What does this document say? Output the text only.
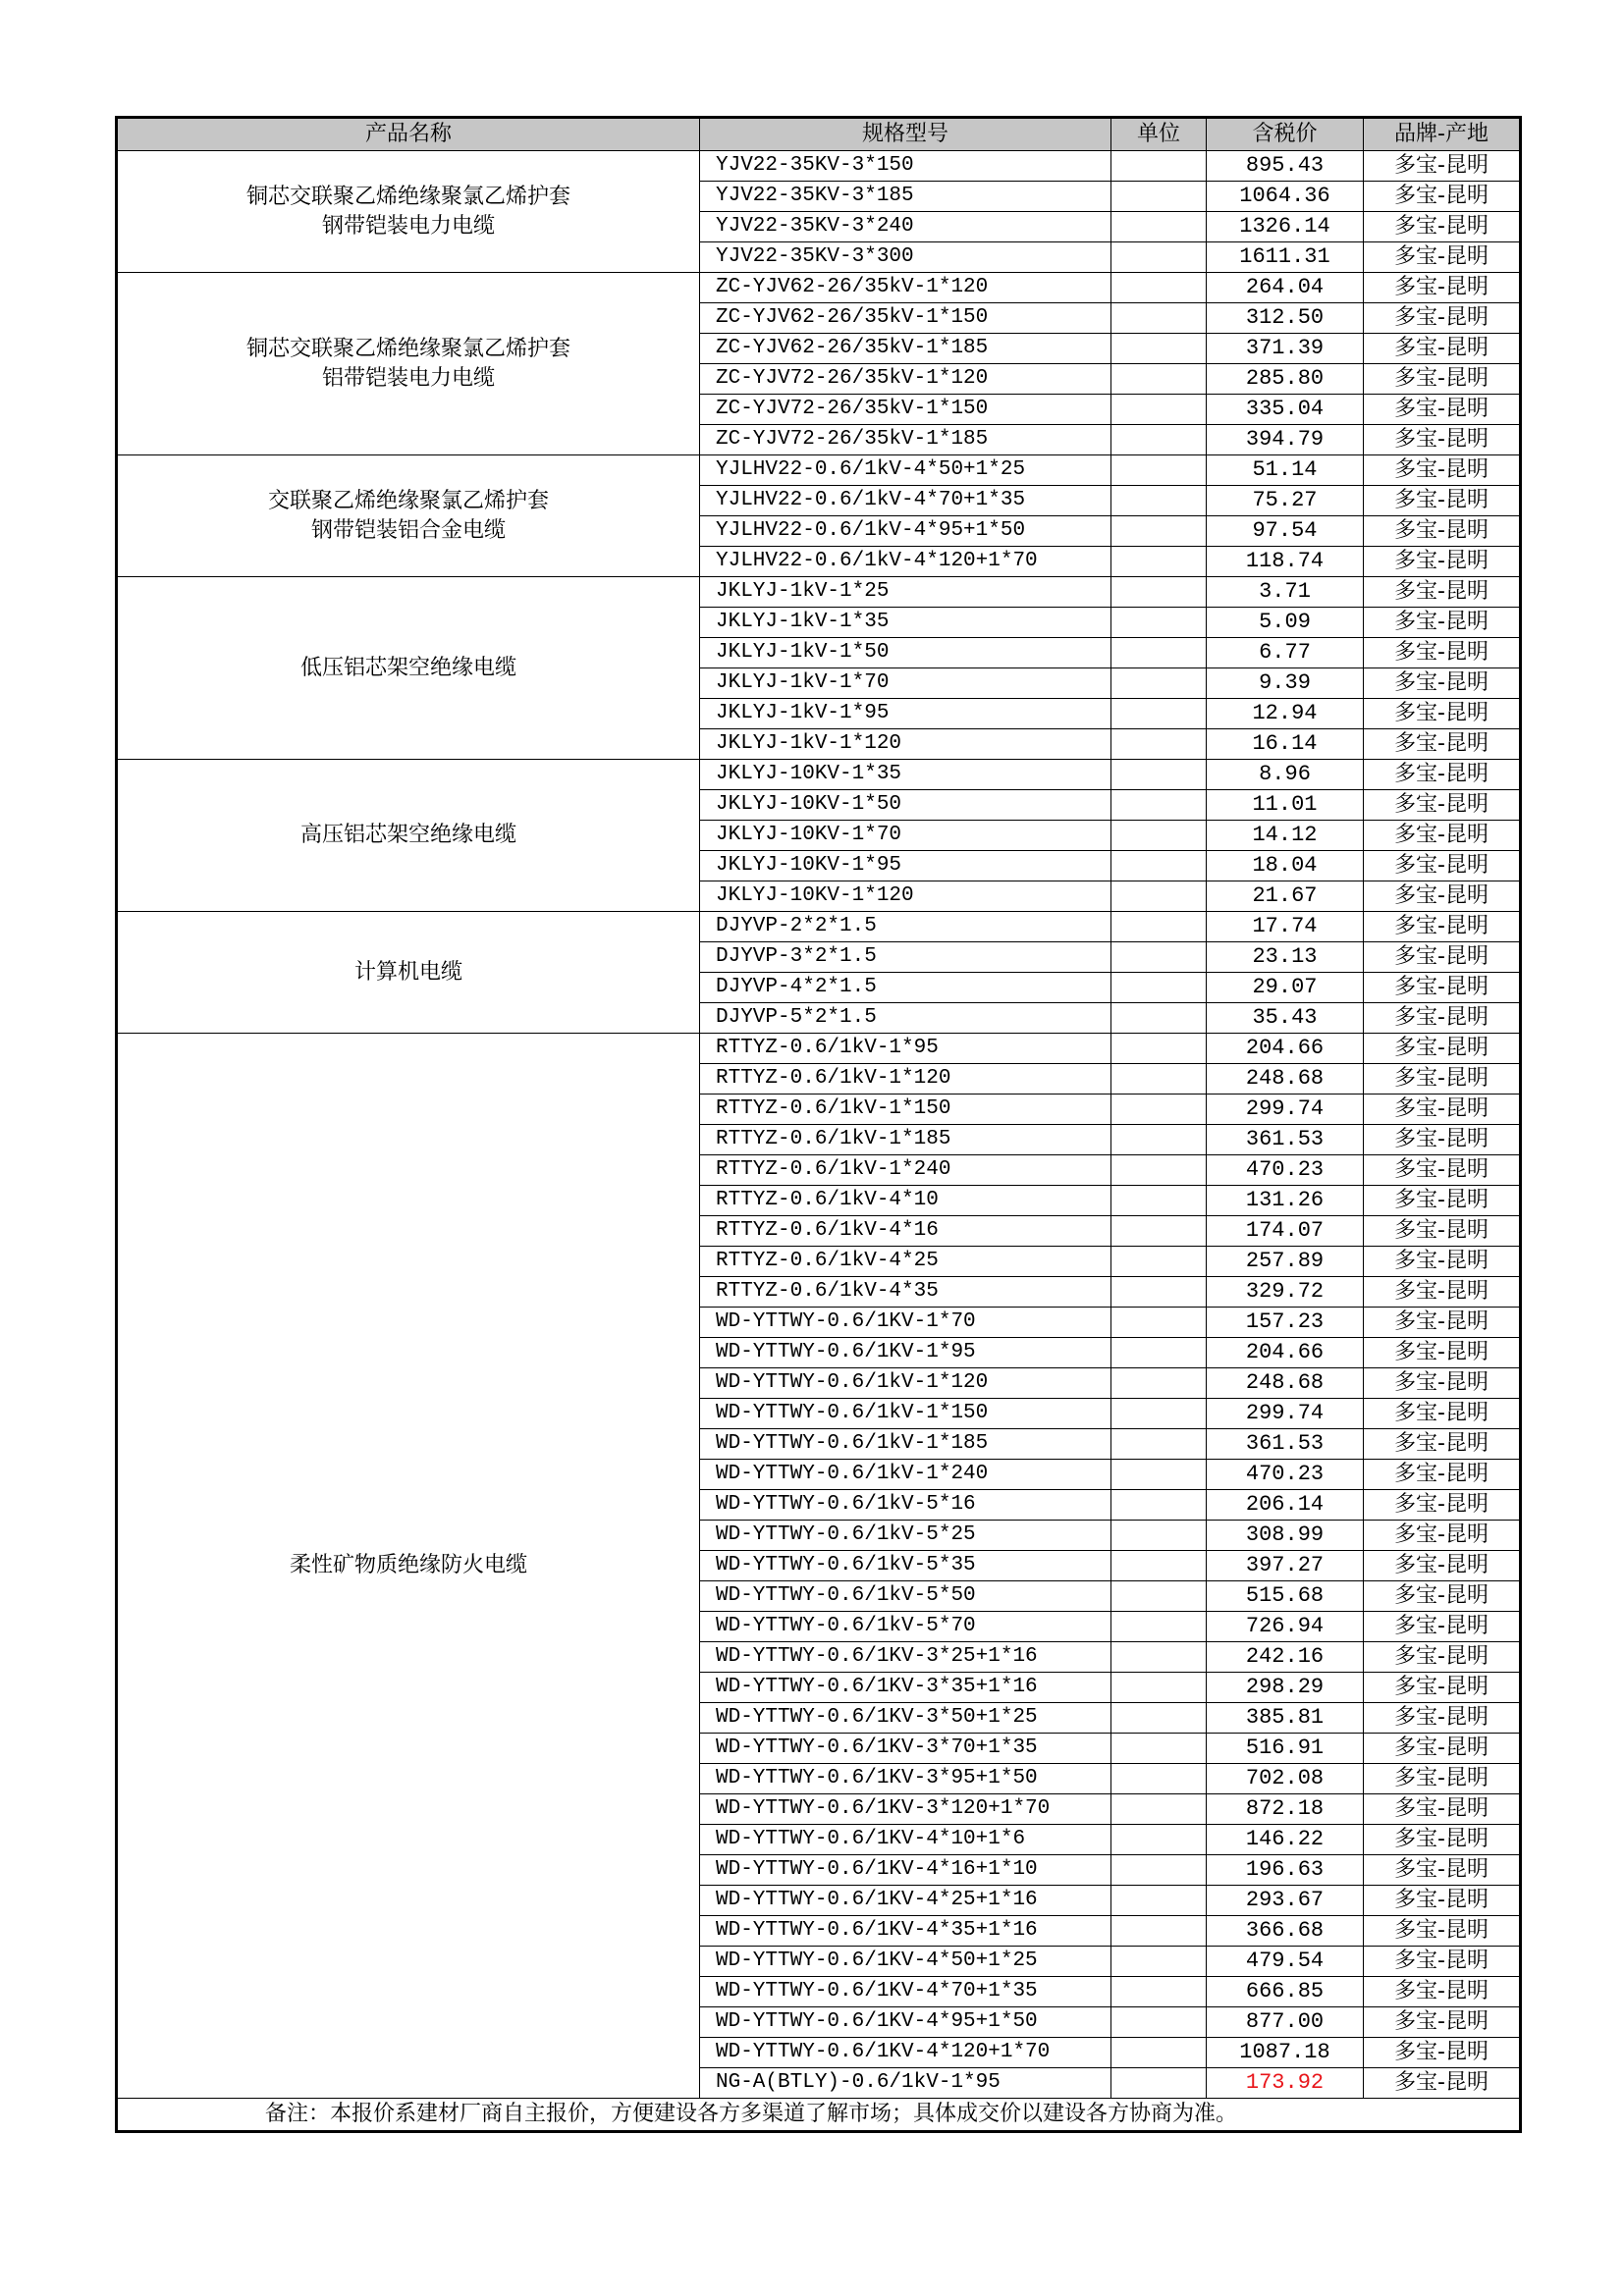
产品名称	规格型号	单位	含税价	品牌-产地

铜芯交联聚乙烯绝缘聚氯乙烯护套
钢带铠装电力电缆	YJV22-35KV-3*150		895.43	多宝-昆明
	YJV22-35KV-3*185		1064.36	多宝-昆明
	YJV22-35KV-3*240		1326.14	多宝-昆明
	YJV22-35KV-3*300		1611.31	多宝-昆明

铜芯交联聚乙烯绝缘聚氯乙烯护套
铝带铠装电力电缆	ZC-YJV62-26/35kV-1*120		264.04	多宝-昆明
	ZC-YJV62-26/35kV-1*150		312.50	多宝-昆明
	ZC-YJV62-26/35kV-1*185		371.39	多宝-昆明
	ZC-YJV72-26/35kV-1*120		285.80	多宝-昆明
	ZC-YJV72-26/35kV-1*150		335.04	多宝-昆明
	ZC-YJV72-26/35kV-1*185		394.79	多宝-昆明

交联聚乙烯绝缘聚氯乙烯护套
钢带铠装铝合金电缆	YJLHV22-0.6/1kV-4*50+1*25		51.14	多宝-昆明
	YJLHV22-0.6/1kV-4*70+1*35		75.27	多宝-昆明
	YJLHV22-0.6/1kV-4*95+1*50		97.54	多宝-昆明
	YJLHV22-0.6/1kV-4*120+1*70		118.74	多宝-昆明

低压铝芯架空绝缘电缆	JKLYJ-1kV-1*25		3.71	多宝-昆明
	JKLYJ-1kV-1*35		5.09	多宝-昆明
	JKLYJ-1kV-1*50		6.77	多宝-昆明
	JKLYJ-1kV-1*70		9.39	多宝-昆明
	JKLYJ-1kV-1*95		12.94	多宝-昆明
	JKLYJ-1kV-1*120		16.14	多宝-昆明

高压铝芯架空绝缘电缆	JKLYJ-10KV-1*35		8.96	多宝-昆明
	JKLYJ-10KV-1*50		11.01	多宝-昆明
	JKLYJ-10KV-1*70		14.12	多宝-昆明
	JKLYJ-10KV-1*95		18.04	多宝-昆明
	JKLYJ-10KV-1*120		21.67	多宝-昆明

计算机电缆	DJYVP-2*2*1.5		17.74	多宝-昆明
	DJYVP-3*2*1.5		23.13	多宝-昆明
	DJYVP-4*2*1.5		29.07	多宝-昆明
	DJYVP-5*2*1.5		35.43	多宝-昆明

柔性矿物质绝缘防火电缆	RTTYZ-0.6/1kV-1*95		204.66	多宝-昆明
	RTTYZ-0.6/1kV-1*120		248.68	多宝-昆明
	RTTYZ-0.6/1kV-1*150		299.74	多宝-昆明
	RTTYZ-0.6/1kV-1*185		361.53	多宝-昆明
	RTTYZ-0.6/1kV-1*240		470.23	多宝-昆明
	RTTYZ-0.6/1kV-4*10		131.26	多宝-昆明
	RTTYZ-0.6/1kV-4*16		174.07	多宝-昆明
	RTTYZ-0.6/1kV-4*25		257.89	多宝-昆明
	RTTYZ-0.6/1kV-4*35		329.72	多宝-昆明
	WD-YTTWY-0.6/1KV-1*70		157.23	多宝-昆明
	WD-YTTWY-0.6/1KV-1*95		204.66	多宝-昆明
	WD-YTTWY-0.6/1kV-1*120		248.68	多宝-昆明
	WD-YTTWY-0.6/1kV-1*150		299.74	多宝-昆明
	WD-YTTWY-0.6/1kV-1*185		361.53	多宝-昆明
	WD-YTTWY-0.6/1kV-1*240		470.23	多宝-昆明
	WD-YTTWY-0.6/1kV-5*16		206.14	多宝-昆明
	WD-YTTWY-0.6/1kV-5*25		308.99	多宝-昆明
	WD-YTTWY-0.6/1kV-5*35		397.27	多宝-昆明
	WD-YTTWY-0.6/1kV-5*50		515.68	多宝-昆明
	WD-YTTWY-0.6/1kV-5*70		726.94	多宝-昆明
	WD-YTTWY-0.6/1KV-3*25+1*16		242.16	多宝-昆明
	WD-YTTWY-0.6/1KV-3*35+1*16		298.29	多宝-昆明
	WD-YTTWY-0.6/1KV-3*50+1*25		385.81	多宝-昆明
	WD-YTTWY-0.6/1KV-3*70+1*35		516.91	多宝-昆明
	WD-YTTWY-0.6/1KV-3*95+1*50		702.08	多宝-昆明
	WD-YTTWY-0.6/1KV-3*120+1*70		872.18	多宝-昆明
	WD-YTTWY-0.6/1KV-4*10+1*6		146.22	多宝-昆明
	WD-YTTWY-0.6/1KV-4*16+1*10		196.63	多宝-昆明
	WD-YTTWY-0.6/1KV-4*25+1*16		293.67	多宝-昆明
	WD-YTTWY-0.6/1KV-4*35+1*16		366.68	多宝-昆明
	WD-YTTWY-0.6/1KV-4*50+1*25		479.54	多宝-昆明
	WD-YTTWY-0.6/1KV-4*70+1*35		666.85	多宝-昆明
	WD-YTTWY-0.6/1KV-4*95+1*50		877.00	多宝-昆明
	WD-YTTWY-0.6/1KV-4*120+1*70		1087.18	多宝-昆明
	NG-A(BTLY)-0.6/1kV-1*95		173.92	多宝-昆明
备注：本报价系建材厂商自主报价，方便建设各方多渠道了解市场；具体成交价以建设各方协商为准。				
